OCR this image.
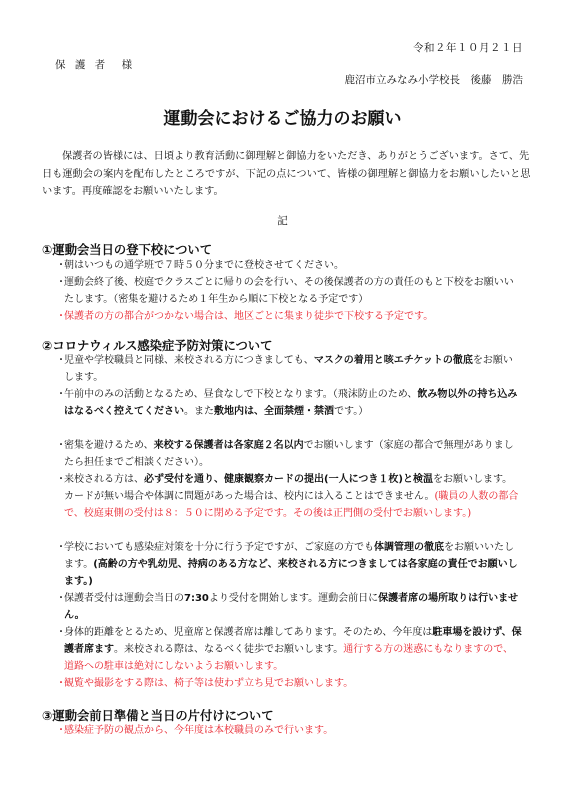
令和２年１０月２１日
保 護 者　様
鹿沼市立みなみ小学校長　後藤　勝浩
運動会におけるご協力のお願い
保護者の皆様には、日頃より教育活動に御理解と御協力をいただき、ありがとうございます。さて、先日も運動会の案内を配布したところですが、下記の点について、皆様の御理解と御協力をお願いしたいと思います。再度確認をお願いいたします。
記
①運動会当日の登下校について
・
朝はいつもの通学班で７時５０分までに登校させてください。
・
運動会終了後、校庭でクラスごとに帰りの会を行い、その後保護者の方の責任のもと下校をお願いいたします。（密集を避けるため１年生から順に下校となる予定です）
・
保護者の方の都合がつかない場合は、地区ごとに集まり徒歩で下校する予定です。
②コロナウィルス感染症予防対策について
・
児童や学校職員と同様、来校される方につきましても、マスクの着用と咳エチケットの徹底をお願いします。
・
午前中のみの活動となるため、昼食なしで下校となります。（飛沫防止のため、飲み物以外の持ち込みはなるべく控えてください。また敷地内は、全面禁煙・禁酒です。）
・
密集を避けるため、来校する保護者は各家庭２名以内でお願いします（家庭の都合で無理がありましたら担任までご相談ください）。
・
来校される方は、必ず受付を通り、健康観察カードの提出(一人につき１枚)と検温をお願いします。カードが無い場合や体調に問題があった場合は、校内には入ることはできません。(職員の人数の都合で、校庭東側の受付は８：５０に閉める予定です。その後は正門側の受付でお願いします。)
・
学校においても感染症対策を十分に行う予定ですが、ご家庭の方でも体調管理の徹底をお願いいたします。(高齢の方や乳幼児、持病のある方など、来校される方につきましては各家庭の責任でお願いします。)
・
保護者受付は運動会当日の7:30より受付を開始します。運動会前日に保護者席の場所取りは行いません。
・
身体的距離をとるため、児童席と保護者席は離してあります。そのため、今年度は駐車場を設けず、保護者席ます。来校される際は、なるべく徒歩でお願いします。通行する方の迷惑にもなりますので、道路への駐車は絶対にしないようお願いします。
・
観覧や撮影をする際は、椅子等は使わず立ち見でお願いします。
③運動会前日準備と当日の片付けについて
・
感染症予防の観点から、今年度は本校職員のみで行います。
